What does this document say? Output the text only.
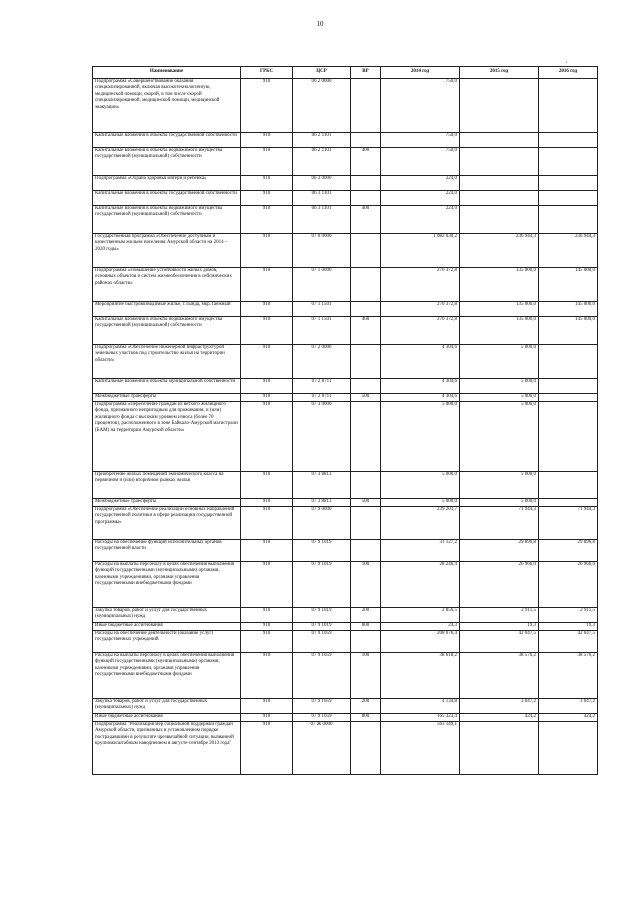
10
,
Наименование	ГРБС	ЦСР	ВР	2014 год	2015 год	2016 год
Подпрограмма «Совершенствование оказания специализированной, включая высокотехнологичную, медицинской помощи, скорой, в том числе скорой специализированной, медицинской помощи, медицинской эвакуации»	910	06 2 0000		750,0		
Капитальные вложения в объекты государственной собственности	910	06 2 1101		750,0		
Капитальные вложения в объекты недвижимого имущества государственной (муниципальной) собственности	910	06 2 1101	400	750,0		
Подпрограмма «Охрана здоровья матери и ребенка»	910	06 3 0000		224,0		
Капитальные вложения в объекты государственной собственности	910	06 3 1101		224,0		
Капитальные вложения в объекты недвижимого имущества государственной (муниципальной) собственности	910	06 3 1101	400	224,0		
Государственная программа «Обеспечение доступным и качественным жильем населения Амурской области на 2014 – 2020 годы»	910	07 0 0000		1 082 030,2	236 944,3	236 944,3
Подпрограмма «Повышение устойчивости жилых домов, основных объектов и систем жизнеобеспечения в сейсмических районах области»	910	07 1 0000		270 372,8	135 000,0	145 000,0
Мероприятие быстровозводимые жилье, г.Тында, мкр.Таёжный	910	07 1 1501		270 372,8	135 000,0	145 000,0
Капитальные вложения в объекты недвижимого имущества государственной (муниципальной) собственности	910	07 1 1501	400	270 372,8	135 000,0	145 000,0
Подпрограмма «Обеспечение инженерной инфраструктурой земельных участков под строительство жилья на территории области»	910	07 2 0000		4 304,6	5 000,0	
Капитальные вложения в объекты муниципальной собственности	910	07 2 8711		4 304,6	5 000,0	
Межбюджетные трансферты	910	07 2 8711	500	4 304,6	5 000,0	
Подпрограмма «Переселение граждан из ветхого жилищного фонда, признанного непригодным для проживания, и (или) жилищного фонда с высоким уровнем износа (более 70 процентов), расположенного в зоне Байкало-Амурской магистрали (БАМ) на территории Амурской области»	910	07 3 0000		5 000,0	5 000,0	
Приобретение жилых помещений экономического класса на первичном и (или) вторичном рынках жилья	910	07 3 8813		5 000,0	5 000,0	
Межбюджетные трансферты	910	07 3 8813	500	5 000,0	5 000,0	
Подпрограмма «Обеспечение реализации основных направлений государственной политики в сфере реализации государственной программы»	910	07 9 0000		239 203,7	71 944,3	71 944,3
Расходы на обеспечение функций исполнительных органов государственной власти	910	07 9 1019		31 127,2	29 896,8	29 896,8
Расходы на выплаты персоналу в целях обеспечения выполнения функций государственными (муниципальными) органами, казенными учреждениями, органами управления государственными внебюджетными фондами	910	07 9 1019	100	28 246,4	26 966,0	26 966,0
Закупка товаров, работ и услуг для государственных (муниципальных) нужд	910	07 9 1019	200	2 856,5	2 911,5	2 911,5
Иные бюджетные ассигнования	910	07 9 1019	800	24,3	19,3	19,3
Расходы на обеспечение деятельности (оказание услуг) государственных учреждений	910	07 9 1059		208 076,4	42 047,5	42 047,5
Расходы на выплаты персоналу в целях обеспечения выполнения функций государственными (муниципальными) органами, казенными учреждениями, органами управления государственными внебюджетными фондами	910	07 9 1059	100	38 618,2	38 576,2	38 576,2
Закупка товаров, работ и услуг для государственных (муниципальных) нужд	910	07 9 1059	200	4 134,8	3 047,2	3 047,2
Иные бюджетные ассигнования	910	07 9 1059	800	165 323,4	424,2	424,2
Подпрограмма "Реализация мер социальной поддержки граждан Амурской области, признанных в установленном порядке пострадавшими в результате чрезвычайной ситуации, вызванной крупномасштабным наводнением в августе-сентябре 2013 года"	910	07 Ж 0000		563 149,1		
